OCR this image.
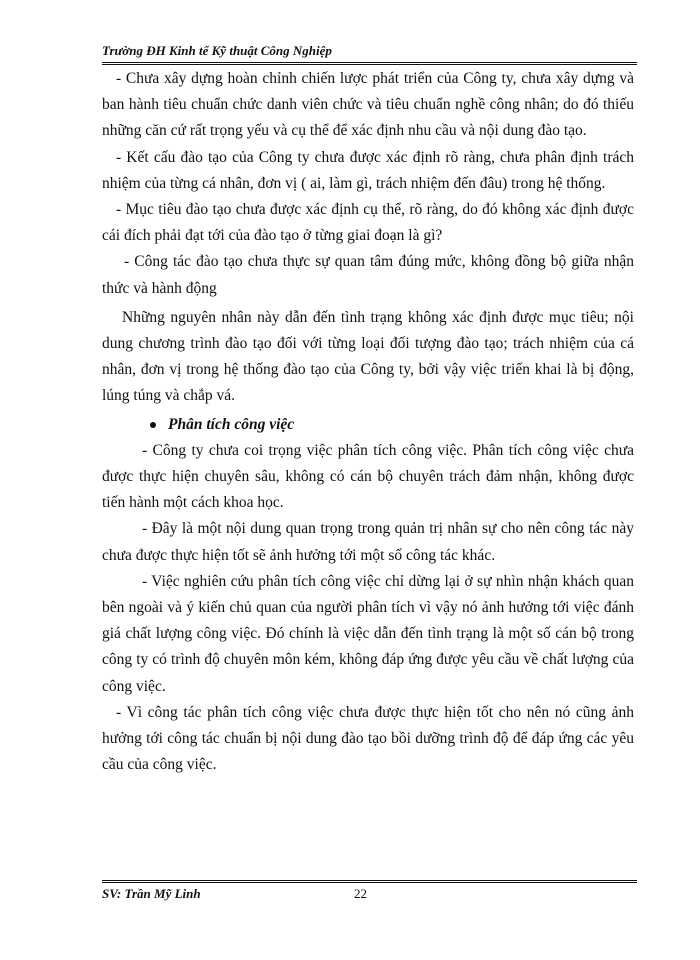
Trường ĐH Kinh tế Kỹ thuật Công Nghiệp

- Chưa xây dựng hoàn chỉnh chiến lược phát triển của Công ty, chưa xây dựng và ban hành tiêu chuẩn chức danh viên chức và tiêu chuẩn nghề công nhân; do đó thiếu những căn cứ rất trọng yếu và cụ thể để xác định nhu cầu và nội dung đào tạo.

- Kết cấu đào tạo của Công ty chưa được xác định rõ ràng, chưa phân định trách nhiệm của từng cá nhân, đơn vị ( ai, làm gì, trách nhiệm đến đâu) trong hệ thống.

- Mục tiêu đào tạo chưa được xác định cụ thể, rõ ràng, do đó không xác định được cái đích phải đạt tới của đào tạo ở từng giai đoạn là gì?

- Công tác đào tạo chưa thực sự quan tâm đúng mức, không đồng bộ giữa nhận thức và hành động

Những nguyên nhân này dẫn đến tình trạng không xác định được mục tiêu; nội dung chương trình đào tạo đối với từng loại đối tượng đào tạo; trách nhiệm của cá nhân, đơn vị trong hệ thống đào tạo của Công ty, bởi vậy việc triển khai là bị động, lúng túng và chắp vá.

Phân tích công việc

- Công ty chưa coi trọng việc phân tích công việc. Phân tích công việc chưa được thực hiện chuyên sâu, không có cán bộ chuyên trách đảm nhận, không được tiến hành một cách khoa học.

- Đây là một nội dung quan trọng trong quản trị nhân sự cho nên công tác này chưa được thực hiện tốt sẽ ảnh hưởng tới một số công tác khác.

- Việc nghiên cứu phân tích công việc chỉ dừng lại ở sự nhìn nhận khách quan bên ngoài và ý kiến chủ quan của người phân tích vì vậy nó ảnh hưởng tới việc đánh giá chất lượng công việc. Đó chính là việc dẫn đến tình trạng là một số cán bộ trong công ty có trình độ chuyên môn kém, không đáp ứng được yêu cầu về chất lượng của công việc.

- Vì công tác phân tích công việc chưa được thực hiện tốt cho nên nó cũng ảnh hưởng tới công tác chuẩn bị nội dung đào tạo bồi dưỡng trình độ để đáp ứng các yêu cầu của công việc.

SV: Trần Mỹ Linh	22
